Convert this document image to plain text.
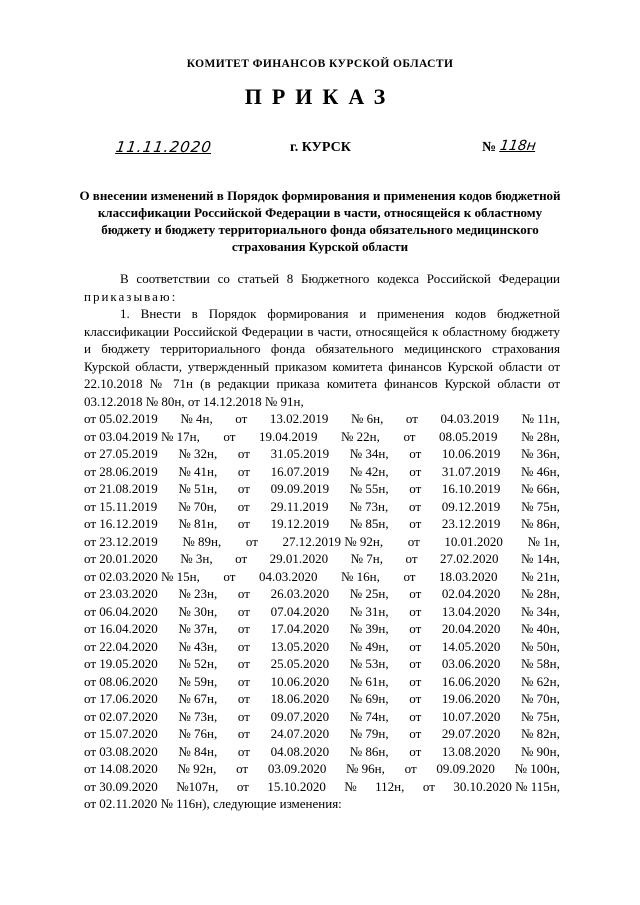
КОМИТЕТ ФИНАНСОВ КУРСКОЙ ОБЛАСТИ
ПРИКАЗ
11.11.2020	г. КУРСК	№ 118н
О внесении изменений в Порядок формирования и применения кодов бюджетной классификации Российской Федерации в части, относящейся к областному бюджету и бюджету территориального фонда обязательного медицинского страхования Курской области

В соответствии со статьей 8 Бюджетного кодекса Российской Федерации приказываю:

1. Внести в Порядок формирования и применения кодов бюджетной классификации Российской Федерации в части, относящейся к областному бюджету и бюджету территориального фонда обязательного медицинского страхования Курской области, утвержденный приказом комитета финансов Курской области от 22.10.2018 № 71н (в редакции приказа комитета финансов Курской области от 03.12.2018 № 80н, от 14.12.2018 № 91н,

от 05.02.2019 № 4н, от 13.02.2019 № 6н, от 04.03.2019 № 11н,
от 03.04.2019 № 17н, от 19.04.2019 № 22н, от 08.05.2019 № 28н,
от 27.05.2019 № 32н, от 31.05.2019 № 34н, от 10.06.2019 № 36н,
от 28.06.2019 № 41н, от 16.07.2019 № 42н, от 31.07.2019 № 46н,
от 21.08.2019 № 51н, от 09.09.2019 № 55н, от 16.10.2019 № 66н,
от 15.11.2019 № 70н, от 29.11.2019 № 73н, от 09.12.2019 № 75н,
от 16.12.2019 № 81н, от 19.12.2019 № 85н, от 23.12.2019 № 86н,
от 23.12.2019 № 89н, от 27.12.2019 № 92н, от 10.01.2020 № 1н,
от 20.01.2020 № 3н, от 29.01.2020 № 7н, от 27.02.2020 № 14н,
от 02.03.2020 № 15н, от 04.03.2020 № 16н, от 18.03.2020 № 21н,
от 23.03.2020 № 23н, от 26.03.2020 № 25н, от 02.04.2020 № 28н,
от 06.04.2020 № 30н, от 07.04.2020 № 31н, от 13.04.2020 № 34н,
от 16.04.2020 № 37н, от 17.04.2020 № 39н, от 20.04.2020 № 40н,
от 22.04.2020 № 43н, от 13.05.2020 № 49н, от 14.05.2020 № 50н,
от 19.05.2020 № 52н, от 25.05.2020 № 53н, от 03.06.2020 № 58н,
от 08.06.2020 № 59н, от 10.06.2020 № 61н, от 16.06.2020 № 62н,
от 17.06.2020 № 67н, от 18.06.2020 № 69н, от 19.06.2020 № 70н,
от 02.07.2020 № 73н, от 09.07.2020 № 74н, от 10.07.2020 № 75н,
от 15.07.2020 № 76н, от 24.07.2020 № 79н, от 29.07.2020 № 82н,
от 03.08.2020 № 84н, от 04.08.2020 № 86н, от 13.08.2020 № 90н,
от 14.08.2020 № 92н, от 03.09.2020 № 96н, от 09.09.2020 № 100н,
от 30.09.2020 №107н, от 15.10.2020 № 112н, от 30.10.2020 № 115н,

от 02.11.2020 № 116н), следующие изменения:
